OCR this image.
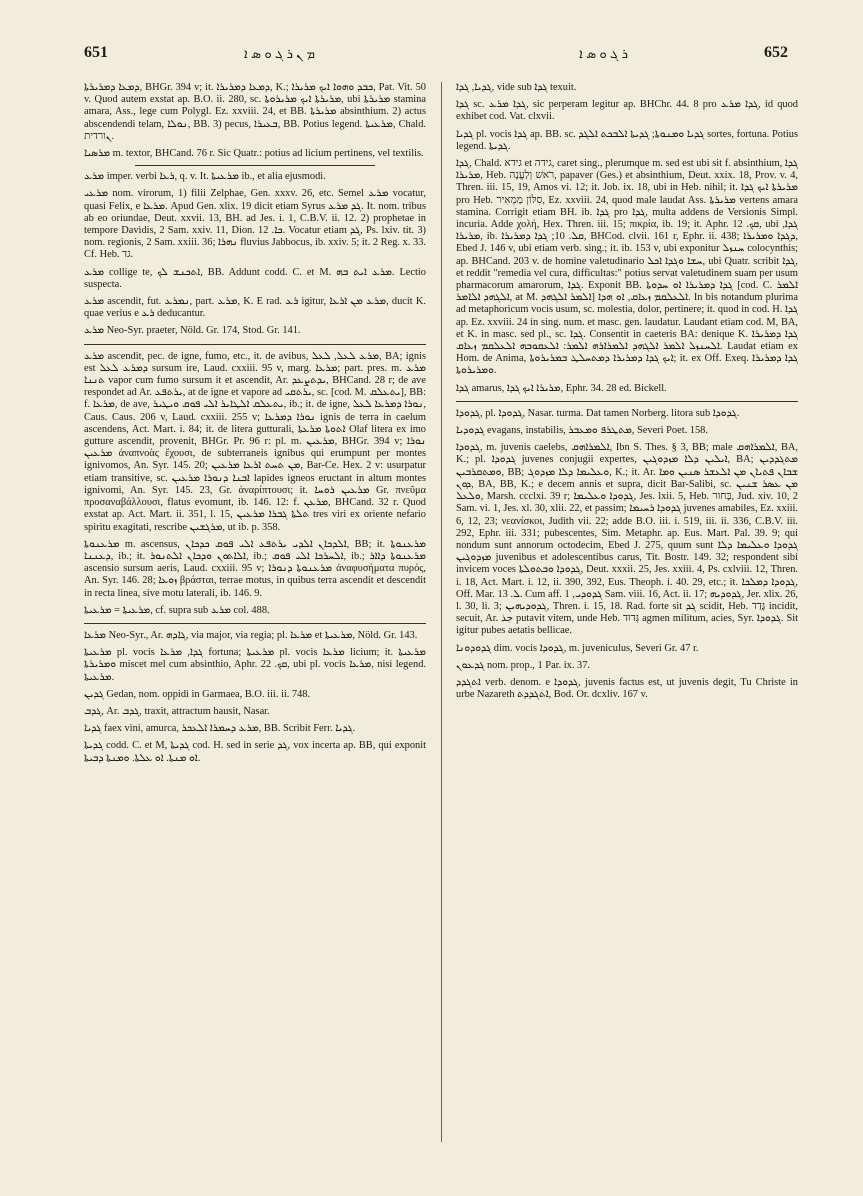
651	ܡ ܢ ܪ ܓ ܘ ܣ ܐ	ܪ ܓ ܘ ܣ ܐ	652

ܕܡܥܐ ܕܡܪܝܪܬܐ, BHGr. 394 v; it. ܕܡܥܐ ܕܡܪܝܪܐ, K.; ܟܒܕ ܘܗܘܐ ܐܝܟ ܡܪܝܪܐ, Pat. Vit. 50 v. Quod autem exstat ap. B.O. ii. 280, sc. ܡܪܝܪܬܐ ܐܝܟ ܡܪܝܪܘܬܐ, ubi ܡܪܝܪܬܐ stamina amara, Ass., lege cum Polygl. Ez. xxviii. 24, et BB. ܡܪܝܪܬܐ absinthium. 2) actus abscendendi telam, ܢܘܠܐ, BB. 3) pecus, ܒܥܝܪܐ, BB. Potius legend. ܡܪܥܝܬܐ, Chald. ܢורדית.

ܡܪܣܝܐ m. textor, BHCand. 76 r. Sic Quatr.: potius ad licium pertinens, vel textilis.

ܡܪܥ imper. verbi ܪܥܐ, q. v. It. ܡܪܥܝܬܐ ib., et alia ejusmodi.

ܡܪܥܝ nom. virorum, 1) filii Zelphae, Gen. xxxv. 26, etc. Semel ܡܪܥ vocatur, quasi Felix, e ܡܪܥܐ. Apud Gen. xlix. 19 dicit etiam Syrus ܓܕ ܡܪܥ. It. nom. tribus ab eo oriundae, Deut. xxvii. 13, BH. ad Jes. i. 1, C.B.V. ii. 12. 2) prophetae in tempore Davidis, 2 Sam. xxiv. 11, Dion. ܟܐ. 12. Vocatur etiam ܓܕ, Ps. lxiv. tit. 3) nom. regionis, 2 Sam. xxiii. 36; ܢܗܪܐ fluvius Jabbocus, ib. xxiv. 5; it. 2 Reg. x. 33. Cf. Heb. גד.

ܡܪܥ collige te, ܐܬܟܢܫ ܠܟ, BB. Addunt codd. C. et M. ܡܪܥ ܐܝܬ ܒܗ. Lectio suspecta.

ܡܪܥ ascendit, fut. ܢܡܪܥ, part. ܡܪܥ, K. E rad. ܪܥ igitur, ܡܪܥ ܡܢ ܐܪܥܐ, ducit K. quae verius e ܪܥ deducantur.

ܡܪܥ Neo-Syr. praeter, Nöld. Gr. 174, Stod. Gr. 141.

ܡܪܥ ascendit, pec. de igne, fumo, etc., it. de avibus, ܡܪܥ ܠܥܠ, ܠܥܠ, BA; ignis est ܕܡܪܥ ܠܥܠ sursum ire, Laud. cxxiii. 95 v, marg. ܡܪܥܐ; part. pres. m. ܡܪܥ ܬܢܢܐ vapor cum fumo sursum it et ascendit, Ar. ܝܕܬܨܥܕ, BHCand. 28 r; de ave respondet ad Ar. ܝܪܬܦܥ, at de igne et vapore ad ܝܪܬܩܝ, sc. [cod. M. ܝܬܥܠܩ], BB: f. ܡܪܥܐ, de ave, ܝܬܥܠܩ ܐܠܛܐܝܪ ܐܠܝ ܦܘܩ ܘܝܛܝܪ, ib.; it. de igne, ܢܘܪܐ ܕܡܪܥܐ ܠܥܠ, Caus. Caus. 206 v, Laud. cxxiii. 255 v; ܢܘܪܐ ܕܡܪܥܐ ignis de terra in caelum ascendens, Act. Mart. i. 84; it. de litera gutturali, ܐܬܘܬܐ ܡܪܥܬܐ Olaf litera ex imo gutture ascendit, provenit, BHGr. Pr. 96 r: pl. m. ܡܪܥܝܢ, BHGr. 394 v; ܢܘܪܐ ܡܪܥܝܢ ἀναπνοὰς ἔχουσι, de subterraneis ignibus qui erumpunt per montes ignivomos, An. Syr. 145. 20; ܡܢ ܬܚܬ ܐܪܥܐ ܡܪܥܝܢ, Bar-Ce. Hex. 2 v: usurpatur etiam transitive, sc. ܐܒܢܐ ܕܢܘܪܐ ܡܪܥܝܢ lapides igneos eructant in altum montes ignivomi, An. Syr. 145. 23, Gr. ἀναρίπτουσι; it. ܡܪܥܝܢ ܪܘܚܐ Gr. πνεῦμα προσαναβάλλουσι, flatus evomunt, ib. 146. 12: f. ܡܪܥܢ, BHCand. 32 r. Quod exstat ap. Act. Mart. ii. 351, l. 15, ܬܠܬܐ ܓܒܪܐ ܡܪܥܝܢ tres viri ex oriente nefario spiritu exagitati, rescribe ܡܪܓܫܝܢ, ut ib. p. 358.

ܡܪܥܢܘܬܐ m. ascensus, ܐܠܕܟܐܢ ܐܠܕܝ ܝܪܬܦܥ ܐܠܝ ܦܘܩ ܟܕܟܐܢ, BB; it. ܡܪܥܢܘܬܐ ܕܥܢܢܐ, ib.; it. ܐܠܐܬܘܢ ܘܕܟܐܢ ܐܠܬܢܘܪ, ib.; ܐܠܚܪܟܐ ܐܠܝ ܦܘܩ, ib.; ܡܪܥܢܘܬܐ ܕܐܐܪ ascensio sursum aeris, Laud. cxxiii. 95 v; ܡܪܥܢܘܬܐ ܕܢܘܪܐ ἀναφυσήματα πυρός, An. Syr. 146. 28; ܙܘܥܐ βράσται, terrae motus, in quibus terra ascendit et descendit in recta linea, sive motu laterali, ib. 146. 9.

ܡܪܥܝܬܐ = ܡܪܥܝܬܐ, cf. supra sub ܡܪܥ col. 488.

ܡܪܥܐ Neo-Syr., Ar. ܓܐܕܗ, via major, via regia; pl. ܡܪܥܐ et ܡܪܥܝܬܐ, Nöld. Gr. 143.

ܡܪܥܝܬܐ pl. vocis ܓܕܐ, ܡܪܥܐ fortuna; ܡܪܥܝܬܐ pl. vocis ܡܪܥܐ licium; it. ܡܪܥܝܬܐ ܘܡܪܝܪܬܐ miscet mel cum absinthio, Aphr. ܩܟ. 22, ubi pl. vocis ܡܪܥܐ, nisi legend. ܡܪܥܝܬܐ.

ܓܕܝܢ Gedan, nom. oppidi in Garmaea, B.O. iii. ii. 748.

ܓܕܒ, Ar. ܓܕܒ, traxit, attractum hausit, Nasar.

ܓܕܝܐ faex vini, amurca, ܡܪܥ ܕܚܡܪܐ ܐܠܥܟܪ, BB. Scribit Ferr. ܓܕܝܐ.

ܓܕܝܬܐ codd. C. et M, ܓܕܝܬܐ cod. H. sed in serie ܓܕ, vox incerta ap. BB, qui exponit ܐܘ ܡܢܬܐ. ܐܘ ܥܠܬܐ. ܘܡܢܬܐ ܕܒܝܬܐ.

ܓܕܝܐ, ܓܕܐ, vide sub ܓܕܐ texuit.

ܓܕܐ sc. ܓܕܐ ܡܪܥ, sic perperam legitur ap. BHChr. 44. 8 pro ܓܕܐ ܡܪܥ, id quod exhibet cod. Vat. clxvii.

ܓܕܝܐ pl. vocis ܓܕܐ ap. BB. sc. ܓܕܝܐ ܘܡܢܘܬܐ; ܓܕܝܬܐ ܐܠܒܟܬ ܐܠܓܕ sortes, fortuna. Potius legend. ܓܕܝܬܐ.

ܓܕܐ, Chald. גידא et גידה, caret sing., plerumque m. sed est ubi sit f. absinthium, ܓܕܐ ܡܪܝܪܐ, Heb. רֹאשׁ וְלַעֲנָה, papaver (Ges.) et absinthium, Deut. xxix. 18, Prov. v. 4, Thren. iii. 15, 19, Amos vi. 12; it. Job. ix. 18, ubi in Heb. nihil; it. ܡܪܝܪܬܐ ܐܝܟ ܓܕܐ pro Heb. סִלּוֹן מַמְאִיר, Ez. xxviii. 24, quod male laudat Ass. ܡܪܝܪܬܐ vertens amara stamina. Corrigit etiam BH. ib. ܓܕܐ pro ܓܕܐ, multa addens de Versionis Simpl. incuria. Adde χολή, Hex. Thren. iii. 15; πικρία, ib. 19; it. Aphr. ܩܟ. 12, ubi ܓܕܐ, ܡܪܝܪܐ, ib. ܩܠ. 10; ܓܕܐ ܕܡܪܝܪܐ, BHCod. clvii. 161 r, Ephr. ii. 438; ܕܓܕܐ ܘܡܪܝܪܐ, Ebed J. 146 v, ubi etiam verb. sing.; it. ib. 153 v, ubi exponitur ܚܢܙܠ colocynthis; ap. BHCand. 203 v. de homine valetudinario ܚܫܐ ܘܓܕܐ ܐܟܠ, ubi Quatr. scribit ܓܕܐ, et reddit "remedia vel cura, difficultas:" potius servat valetudinem suam per usum pharmacorum amarorum, ܓܕܐ. Exponit BB. ܓܕܐ ܕܡܪܝܪܐ ܐܘ ܚܕܘܬܐ [cod. C. ܐܠܡܪ ܐܠܓܗܕ ܐܠܐܡܪ, at M. ܐܠܡܪ ܐܠܓܗܕ] ܐܠܥܠܩܡ ܙܥܐܩ, ܐܘ ܗܕܐ. In bis notandum plurima ad metaphoricum vocis usum, sc. molestia, dolor, pertinere; it. quod in cod. H. ܓܕܐ ap. Ez. xxviii. 24 in sing. num. et masc. gen. laudatur. Laudant etiam cod. M, BA, et K. in masc. sed pl., sc. ܓܕܐ. Consentit in caeteris BA: denique K. ܓܕܐ ܕܡܪܝܪܐ ܐܠܚܢܙܠ ܐܠܡܪ ܐܠܓܗܕ ܐܠܡܪܐܪܗ ܐܠܡܪ: ܐܠܥܩܘܒܗ ܐܠܥܠܩܡ ܙܥܐܩ. Laudat etiam ex Hom. de Anima, ܐܝܟ ܓܕܐ ܕܡܪܝܪܐ ܕܡܬܚܠܛ ܒܡܪܝܪܘܬܐ; it. ex Off. Exeq. ܓܕܐ ܕܡܪܝܪܐ ܘܡܪܝܪܘܬܐ.

ܓܕܐ amarus, ܡܪܝܪܐ ܐܝܟ ܓܕܐ, Ephr. 34. 28 ed. Bickell.

ܓܕܘܕܐ, pl. ܓܕܘܕܐ, Nasar. turma. Dat tamen Norberg. litora sub ܓܕܘܕܐ.

ܓܕܘܕܝܐ evagans, instabilis, ܡܬܛܪܦ ܘܡܥܒܪ, Severi Poet. 158.

ܓܕܘܕܐ, m. juvenis caelebs, ܐܠܡܪܐܗܩ, Ibn S. Thes. § 3, BB; male ܐܠܡܪܐܗܩ, BA, K.; pl. ܓܕܘܕܐ juvenes conjugii expertes, ܐܝܠܝܢ ܕܠܐ ܡܙܕܘܓܝܢ, BA; ܡܬܓܕܕܝܢ ܘܡܬܩܪܒܝܢ, BB; ܘܥܠܝܡܐ ܕܠܐ ܡܙܕܘܓ, K.; it. Ar. ܫܒܐܢ ܦܬܝܐܢ ܡܢ ܐܠܥܫܪ ܣܢܝܢ ܘܡܐ ܕܘܢ, BA, BB, K.; e decem annis et supra, dicit Bar-Salibi, sc. ܡܢ ܥܣܪ ܫܢܝܢ ܘܠܥܠ, Marsh. ccclxi. 39 r; ܓܕܘܕܐ ܘܥܠܝܡܐ, Jes. lxii. 5, Heb. בָּחוּר, Jud. xiv. 10, 2 Sam. vi. 1, Jes. xl. 30, xlii. 22, et passim; ܓܕܘܕܐ ܪܚܝܡܐ juvenes amabiles, Ez. xxiii. 6, 12, 23; νεανίσκοι, Judith vii. 22; adde B.O. iii. i. 519, iii. ii. 336, C.B.V. iii. 292, Ephr. iii. 331; pubescentes, Sim. Metaphr. ap. Eus. Mart. Pal. 39. 9; qui nondum sunt annorum octodecim, Ebed J. 275, quum sunt ܓܕܘܕܐ ܘܥܠܝܡܐ ܕܠܐ ܡܙܕܘܓܝܢ juvenibus et adolescentibus carus, Tit. Bostr. 149. 32; respondent sibi invicem voces ܓܕܘܕܐ ܘܒܬܘܠܬܐ, Deut. xxxii. 25, Jes. xxiii. 4, Ps. cxlviii. 12, Thren. i. 18, Act. Mart. i. 12, ii. 390, 392, Eus. Theoph. i. 40. 29, etc.; it. ܓܕܘܕܐ ܕܡܠܟܐ, Off. Mar. ܠ. 13. Cum aff. ܓܕܘܕܝ, 1 Sam. viii. 16, Act. ii. 17; ܓܕܘܕܝܗ, Jer. xlix. 26, l. 30, li. 3; ܓܕܘܕܝܗܝܢ, Thren. i. 15, 18. Rad. forte sit ܓܕ scidit, Heb. גָּדַד incidit, secuit, Ar. جذ putavit vitem, unde Heb. גְּדוּד agmen militum, acies, Syr. ܓܕܘܕܐ. Sit igitur pubes aetatis bellicae.

ܓܕܘܕܘܢܐ dim. vocis ܓܕܘܕܐ, m. juveniculus, Severi Gr. 47 r.

ܓܕܥܘܢ nom. prop., 1 Par. ix. 37.

ܐܬܓܕܕ verb. denom. e ܓܕܘܕܐ, juvenis factus est, ut juvenis degit, Tu Christe in urbe Nazareth ܐܬܓܕܕܬ, Bod. Or. dcxliv. 167 v.
